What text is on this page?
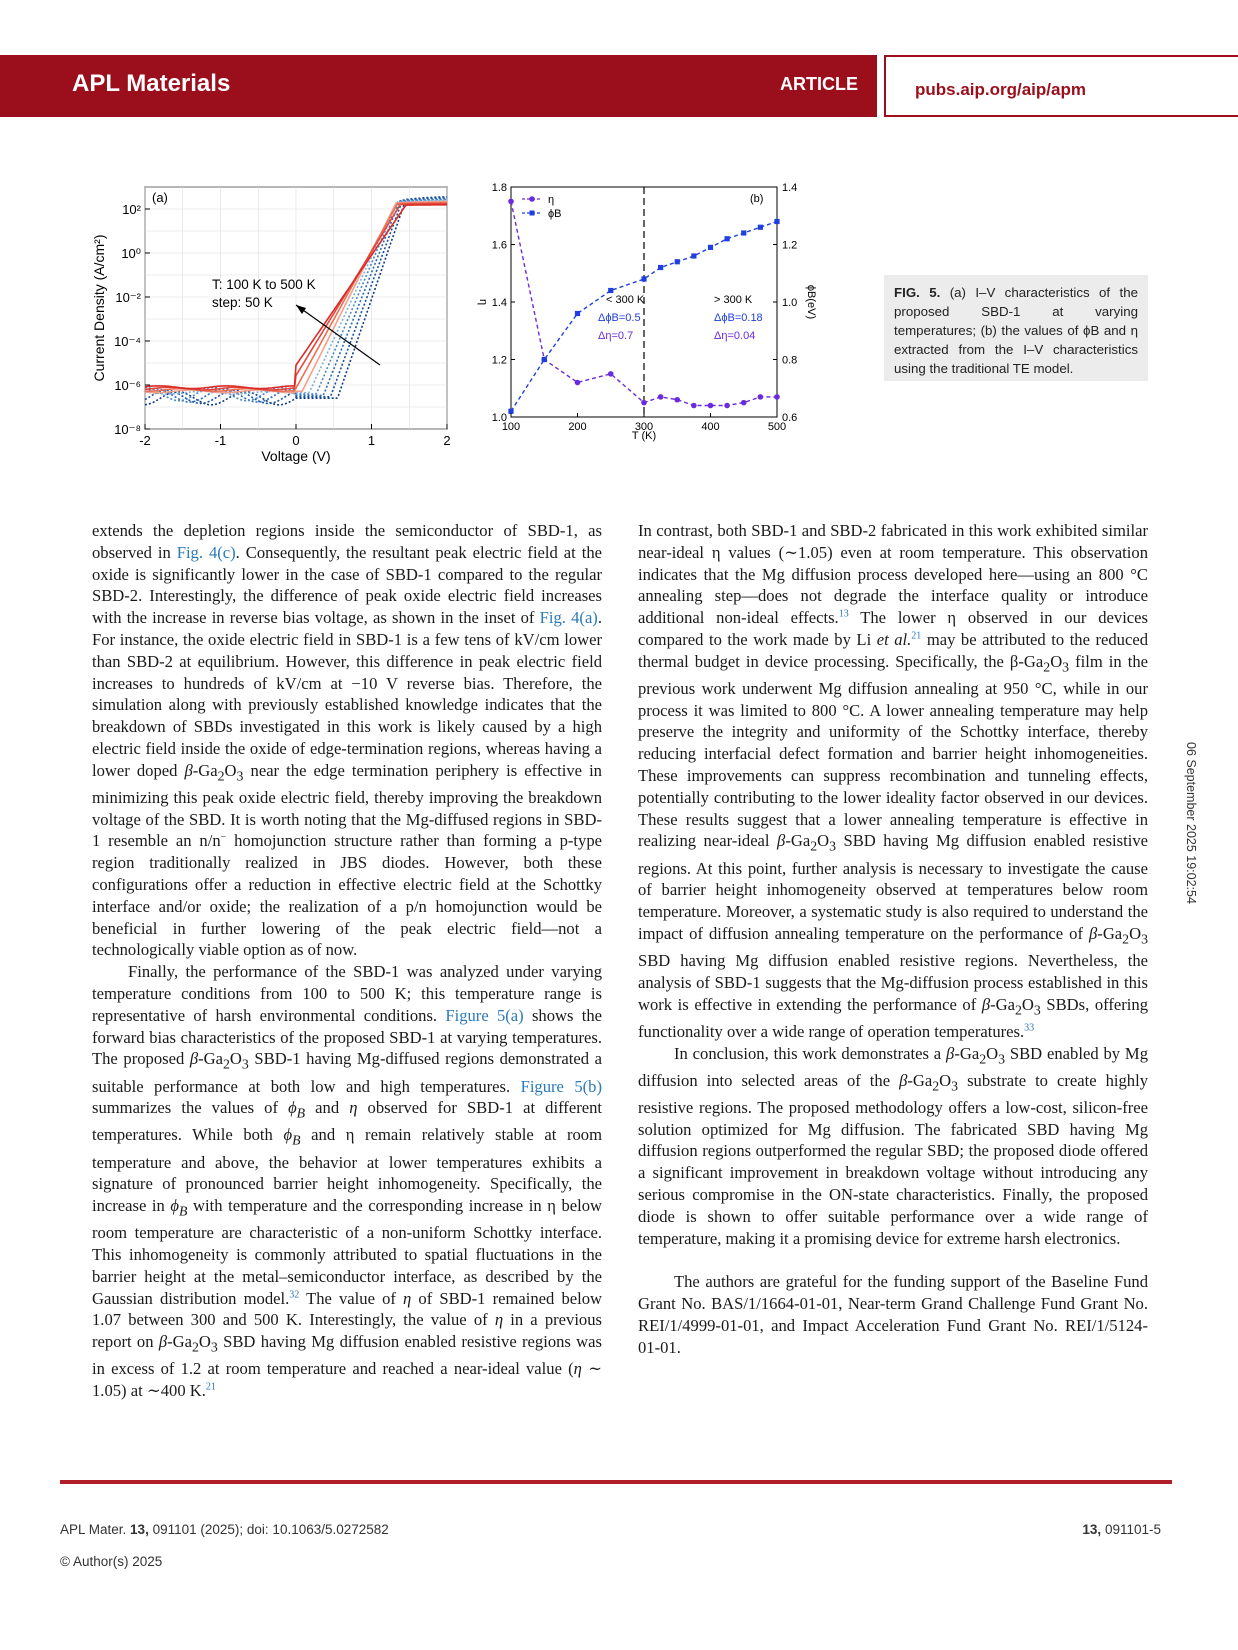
APL Materials	ARTICLE	pubs.aip.org/aip/apm
(a)
T: 100 K to 500 K
step: 50 K
-2	-1	0	1	2
10²
10⁰
10⁻²
10⁻⁴
10⁻⁶
10⁻⁸
Voltage (V)
Current Density (A/cm²)
(b)
η
ϕB
< 300 K
ΔϕB=0.5
Δη=0.7
> 300 K
ΔϕB=0.18
Δη=0.04
100	200	300	400	500
1.0
1.2
1.4
1.6
1.8
0.6
0.8
1.0
1.2
1.4
T (K)
η	ϕB(eV)	FIG. 5. (a) I–V characteristics of the proposed SBD-1 at varying temperatures; (b) the values of ϕB and η extracted from the I–V characteristics using the traditional TE model.

extends the depletion regions inside the semiconductor of SBD-1, as observed in Fig. 4(c). Consequently, the resultant peak electric field at the oxide is significantly lower in the case of SBD-1 compared to the regular SBD-2. Interestingly, the difference of peak oxide electric field increases with the increase in reverse bias voltage, as shown in the inset of Fig. 4(a). For instance, the oxide electric field in SBD-1 is a few tens of kV/cm lower than SBD-2 at equilibrium. However, this difference in peak electric field increases to hundreds of kV/cm at −10 V reverse bias. Therefore, the simulation along with previously established knowledge indicates that the breakdown of SBDs investigated in this work is likely caused by a high electric field inside the oxide of edge-termination regions, whereas having a lower doped $\beta-Ga_2O_3$ near the edge termination periphery is effective in minimizing this peak oxide electric field, thereby improving the breakdown voltage of the SBD. It is worth noting that the Mg-diffused regions in SBD-1 resemble an n/n− homojunction structure rather than forming a p-type region traditionally realized in JBS diodes. However, both these configurations offer a reduction in effective electric field at the Schottky interface and/or oxide; the realization of a p/n homojunction would be beneficial in further lowering of the peak electric field—not a technologically viable option as of now.

Finally, the performance of the SBD-1 was analyzed under varying temperature conditions from 100 to 500 K; this temperature range is representative of harsh environmental conditions. Figure 5(a) shows the forward bias characteristics of the proposed SBD-1 at varying temperatures. The proposed $\beta-Ga_2O_3$ SBD-1 having Mg-diffused regions demonstrated a suitable performance at both low and high temperatures. Figure 5(b) summarizes the values of $\phi_B$ and η observed for SBD-1 at different temperatures. While both $\phi_B$ and η remain relatively stable at room temperature and above, the behavior at lower temperatures exhibits a signature of pronounced barrier height inhomogeneity. Specifically, the increase in $\phi_B$ with temperature and the corresponding increase in η below room temperature are characteristic of a non-uniform Schottky interface. This inhomogeneity is commonly attributed to spatial fluctuations in the barrier height at the metal–semiconductor interface, as described by the Gaussian distribution model.$^{32}$ The value of η of SBD-1 remained below 1.07 between 300 and 500 K. Interestingly, the value of η in a previous report on $\beta-Ga_2O_3$ SBD having Mg diffusion enabled resistive regions was in excess of 1.2 at room temperature and reached a near-ideal value (η ∼ 1.05) at ∼400 K.$^{21}$

In contrast, both SBD-1 and SBD-2 fabricated in this work exhibited similar near-ideal η values (∼1.05) even at room temperature. This observation indicates that the Mg diffusion process developed here—using an 800 °C annealing step—does not degrade the interface quality or introduce additional non-ideal effects.$^{13}$ The lower η observed in our devices compared to the work made by Li et al.$^{21}$ may be attributed to the reduced thermal budget in device processing. Specifically, the $\beta-Ga_2O_3$ film in the previous work underwent Mg diffusion annealing at 950 °C, while in our process it was limited to 800 °C. A lower annealing temperature may help preserve the integrity and uniformity of the Schottky interface, thereby reducing interfacial defect formation and barrier height inhomogeneities. These improvements can suppress recombination and tunneling effects, potentially contributing to the lower ideality factor observed in our devices. These results suggest that a lower annealing temperature is effective in realizing near-ideal $\beta-Ga_2O_3$ SBD having Mg diffusion enabled resistive regions. At this point, further analysis is necessary to investigate the cause of barrier height inhomogeneity observed at temperatures below room temperature. Moreover, a systematic study is also required to understand the impact of diffusion annealing temperature on the performance of $\beta-Ga_2O_3$ SBD having Mg diffusion enabled resistive regions. Nevertheless, the analysis of SBD-1 suggests that the Mg-diffusion process established in this work is effective in extending the performance of $\beta-Ga_2O_3$ SBDs, offering functionality over a wide range of operation temperatures.$^{33}$

In conclusion, this work demonstrates a $\beta-Ga_2O_3$ SBD enabled by Mg diffusion into selected areas of the $\beta-Ga_2O_3$ substrate to create highly resistive regions. The proposed methodology offers a low-cost, silicon-free solution optimized for Mg diffusion. The fabricated SBD having Mg diffusion regions outperformed the regular SBD; the proposed diode offered a significant improvement in breakdown voltage without introducing any serious compromise in the ON-state characteristics. Finally, the proposed diode is shown to offer suitable performance over a wide range of temperature, making it a promising device for extreme harsh electronics.

The authors are grateful for the funding support of the Baseline Fund Grant No. BAS/1/1664-01-01, Near-term Grand Challenge Fund Grant No. REI/1/4999-01-01, and Impact Acceleration Fund Grant No. REI/1/5124-01-01.

06 September 2025 19:02:54
APL Mater. 13, 091101 (2025); doi: 10.1063/5.0272582
© Author(s) 2025
13, 091101-5
